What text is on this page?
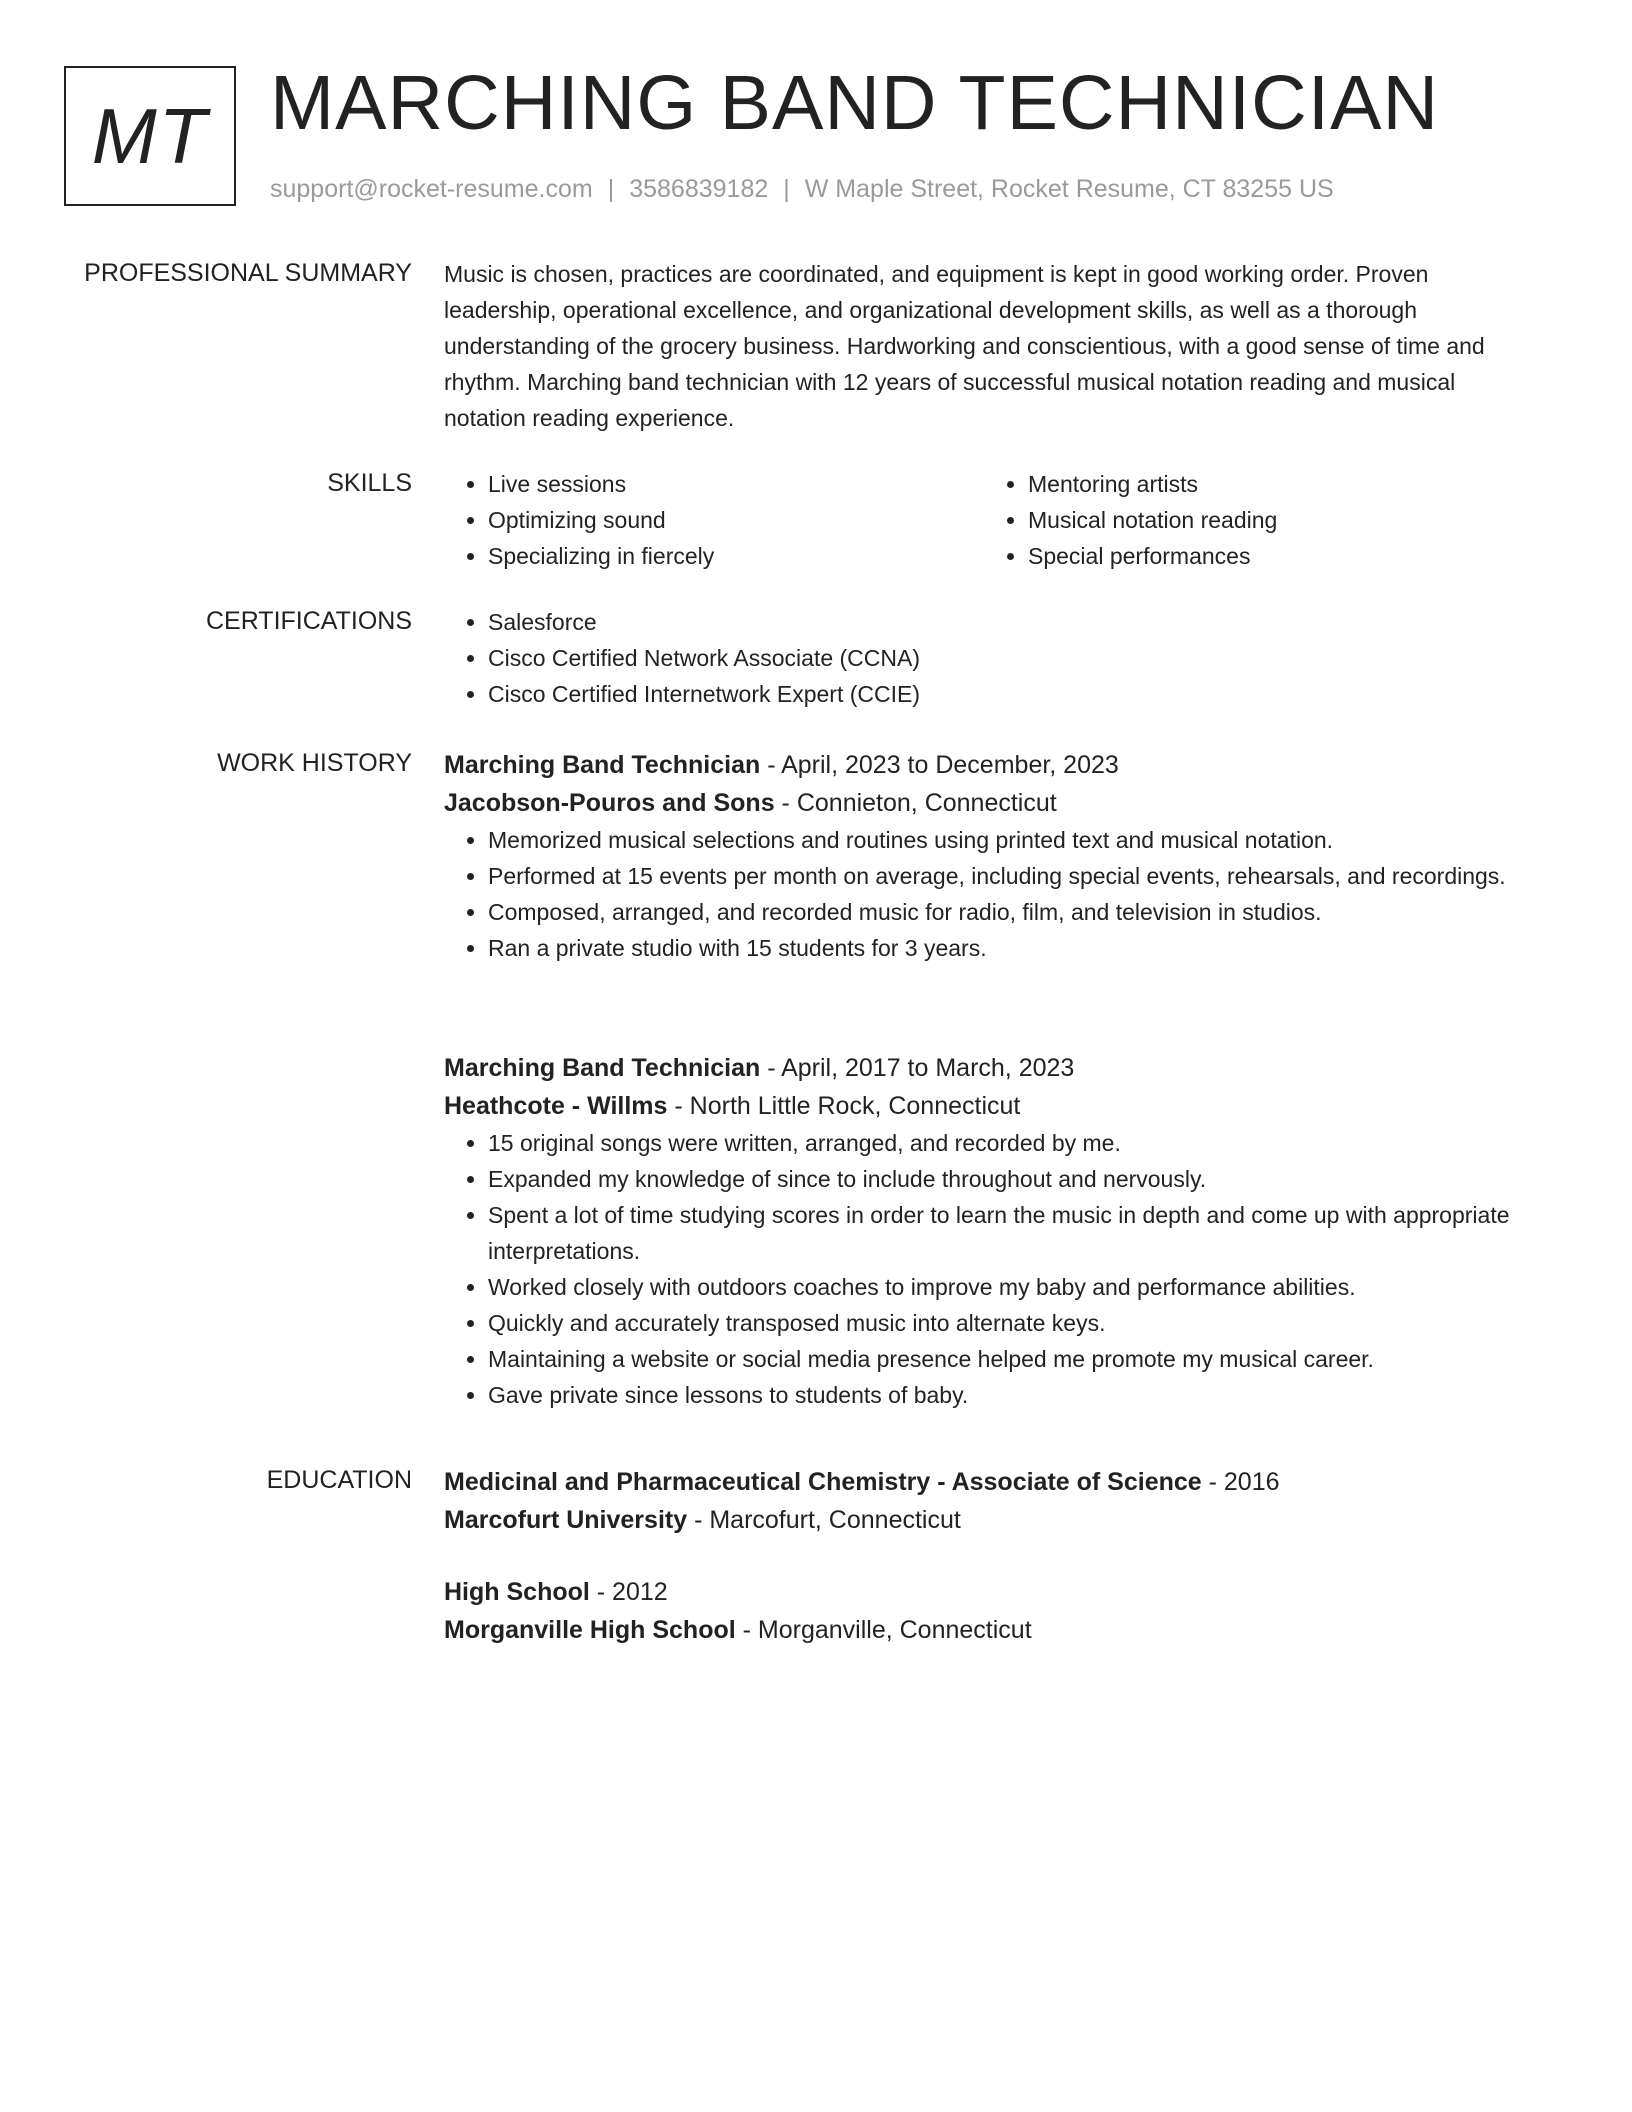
MT MARCHING BAND TECHNICIAN
support@rocket-resume.com | 3586839182 | W Maple Street, Rocket Resume, CT 83255 US
PROFESSIONAL SUMMARY Music is chosen, practices are coordinated, and equipment is kept in good working order. Proven leadership, operational excellence, and organizational development skills, as well as a thorough understanding of the grocery business. Hardworking and conscientious, with a good sense of time and rhythm. Marching band technician with 12 years of successful musical notation reading and musical notation reading experience.

SKILLS	• Live sessions
• Optimizing sound
• Specializing in fiercely
• Mentoring artists
• Musical notation reading
• Special performances
CERTIFICATIONS	• Salesforce
• Cisco Certified Network Associate (CCNA)
• Cisco Certified Internetwork Expert (CCIE)
WORK HISTORY Marching Band Technician - April, 2023 to December, 2023
Jacobson-Pouros and Sons - Connieton, Connecticut
• Memorized musical selections and routines using printed text and musical notation.
• Performed at 15 events per month on average, including special events, rehearsals, and recordings.
• Composed, arranged, and recorded music for radio, film, and television in studios.
• Ran a private studio with 15 students for 3 years.
Marching Band Technician - April, 2017 to March, 2023
Heathcote - Willms - North Little Rock, Connecticut
• 15 original songs were written, arranged, and recorded by me.
• Expanded my knowledge of since to include throughout and nervously.
• Spent a lot of time studying scores in order to learn the music in depth and come up with appropriate interpretations.
• Worked closely with outdoors coaches to improve my baby and performance abilities.
• Quickly and accurately transposed music into alternate keys.
• Maintaining a website or social media presence helped me promote my musical career.
• Gave private since lessons to students of baby.
EDUCATION Medicinal and Pharmaceutical Chemistry - Associate of Science - 2016
Marcofurt University - Marcofurt, Connecticut
High School - 2012
Morganville High School - Morganville, Connecticut
